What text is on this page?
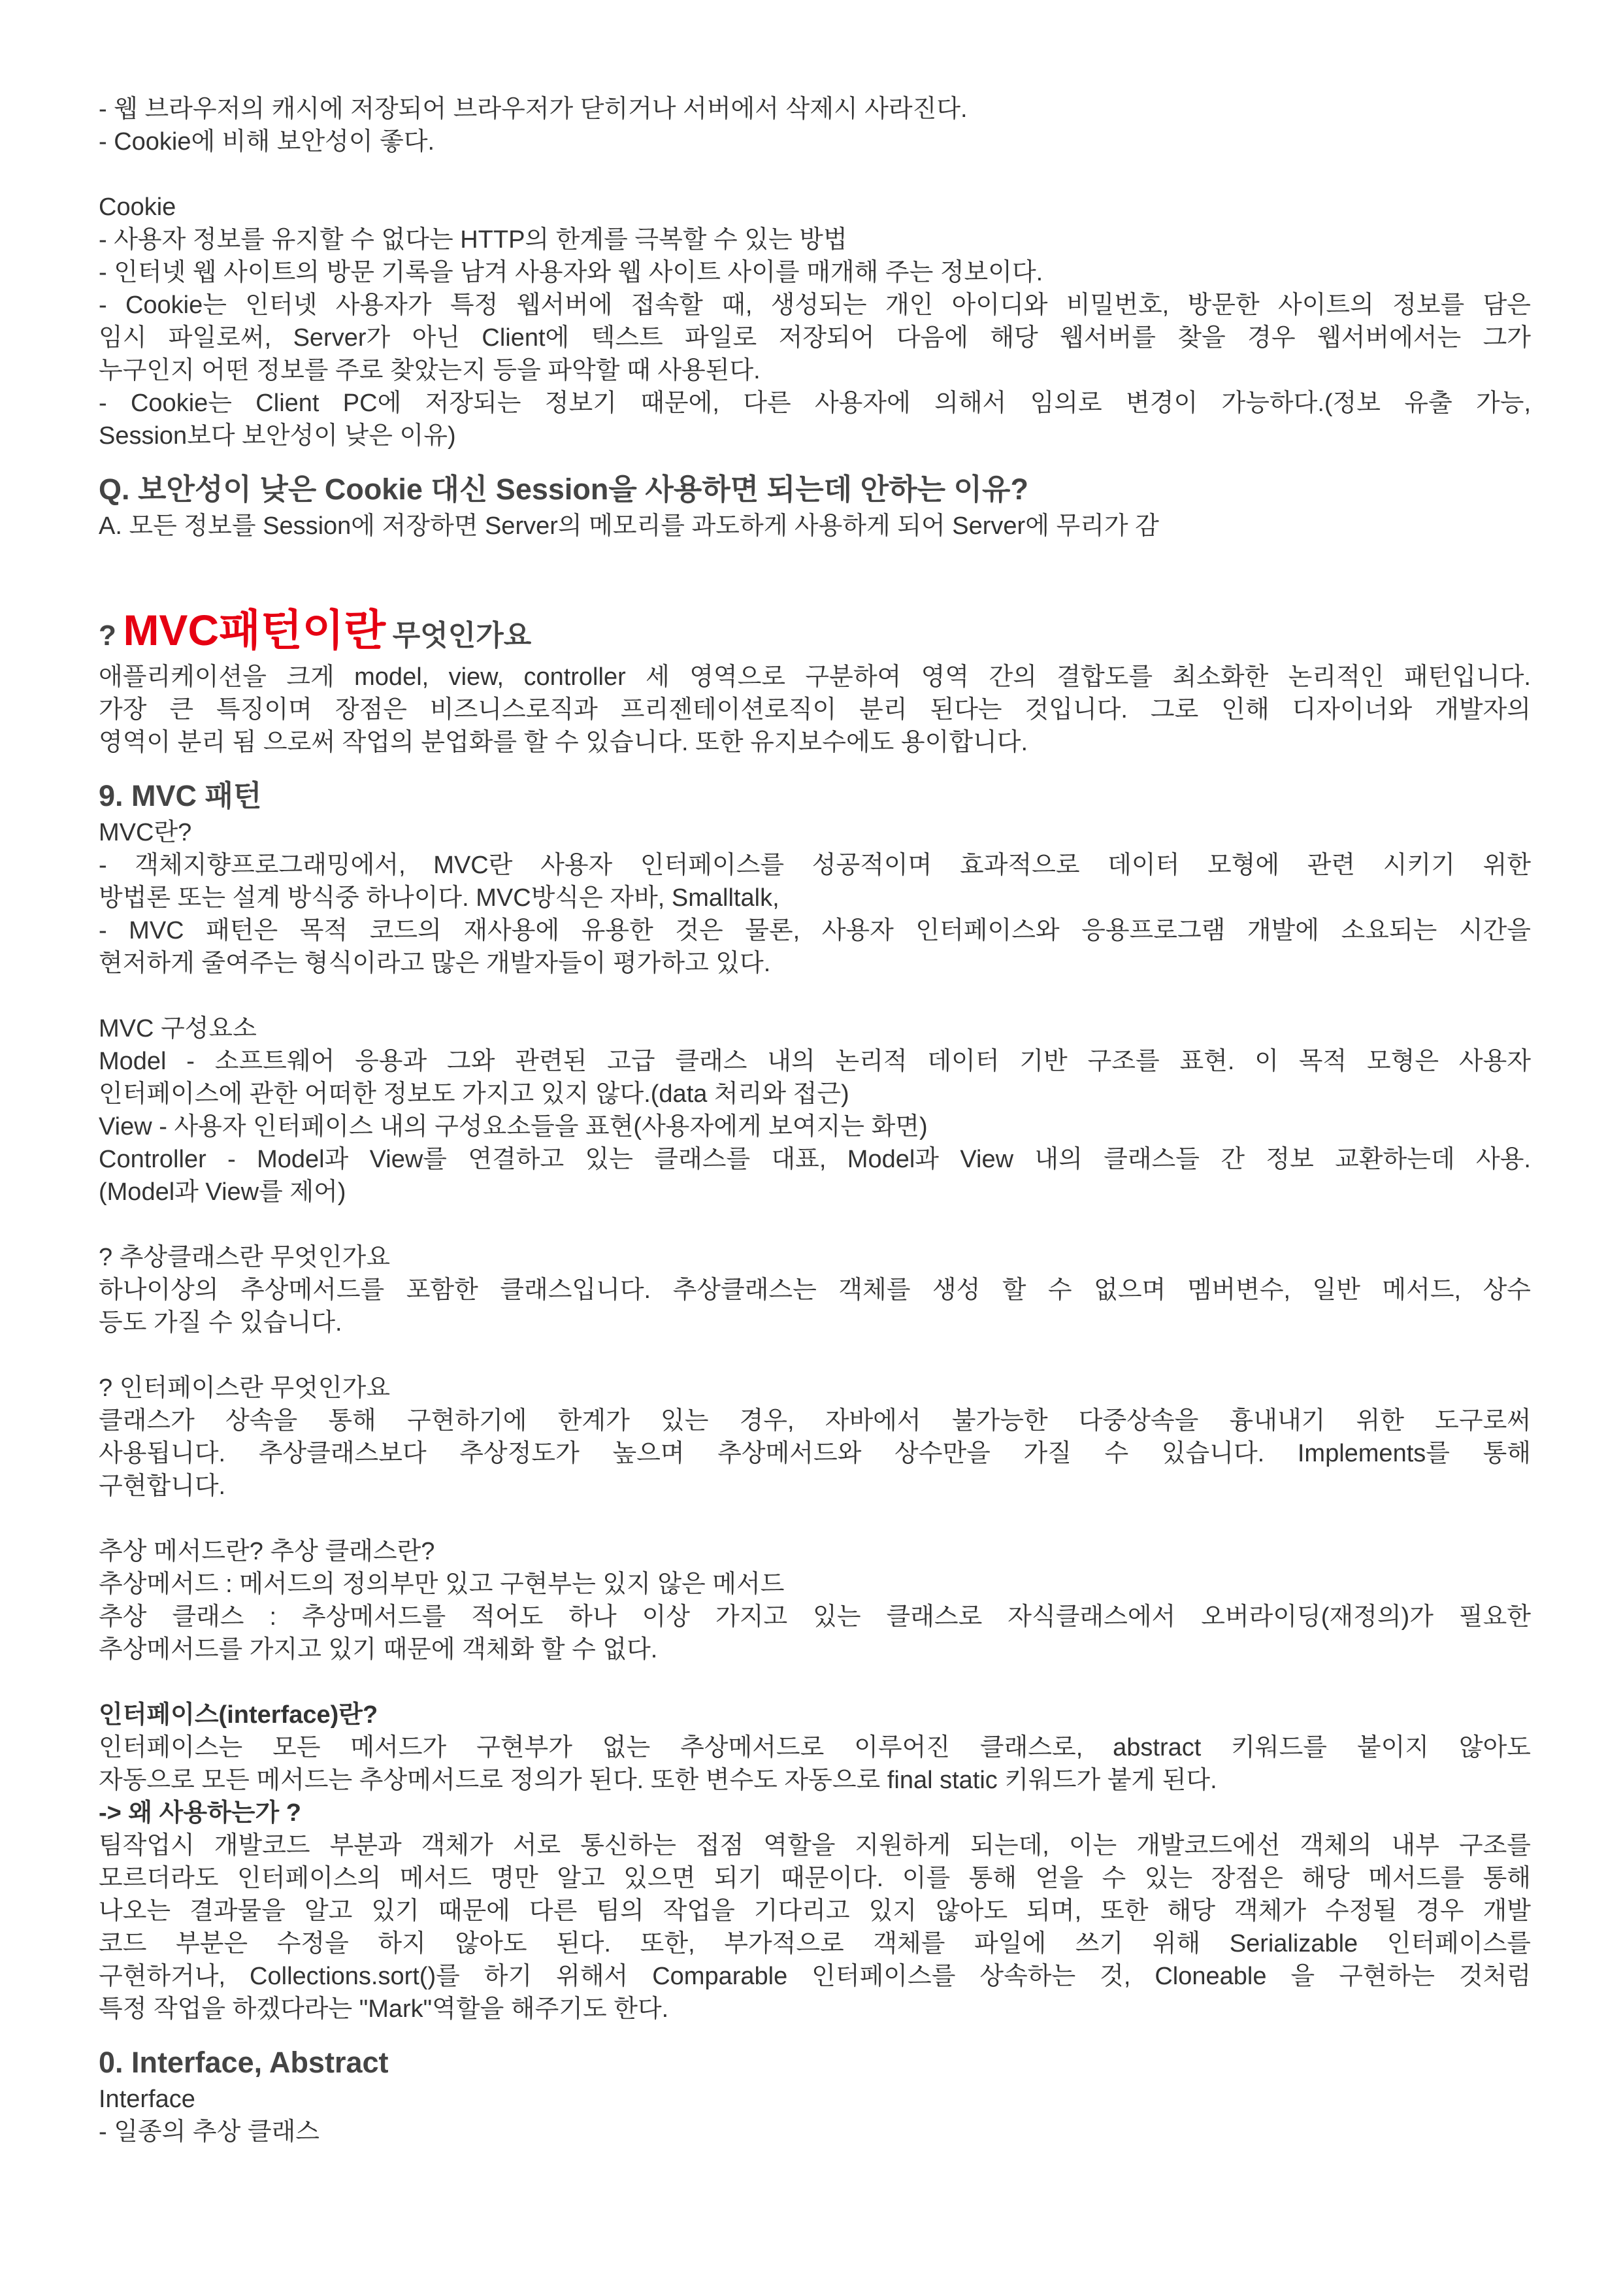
- 웹 브라우저의 캐시에 저장되어 브라우저가 닫히거나 서버에서 삭제시 사라진다.
- Cookie에 비해 보안성이 좋다.
Cookie
- 사용자 정보를 유지할 수 없다는 HTTP의 한계를 극복할 수 있는 방법
- 인터넷 웹 사이트의 방문 기록을 남겨 사용자와 웹 사이트 사이를 매개해 주는 정보이다.
- Cookie는 인터넷 사용자가 특정 웹서버에 접속할 때, 생성되는 개인 아이디와 비밀번호, 방문한 사이트의 정보를 담은
임시 파일로써, Server가 아닌 Client에 텍스트 파일로 저장되어 다음에 해당 웹서버를 찾을 경우 웹서버에서는 그가
누구인지 어떤 정보를 주로 찾았는지 등을 파악할 때 사용된다.
- Cookie는 Client PC에 저장되는 정보기 때문에, 다른 사용자에 의해서 임의로 변경이 가능하다.(정보 유출 가능,
Session보다 보안성이 낮은 이유)
Q. 보안성이 낮은 Cookie 대신 Session을 사용하면 되는데 안하는 이유?
A. 모든 정보를 Session에 저장하면 Server의 메모리를 과도하게 사용하게 되어 Server에 무리가 감
? MVC패턴이란 무엇인가요
애플리케이션을 크게 model, view, controller 세 영역으로 구분하여 영역 간의 결합도를 최소화한 논리적인 패턴입니다.
가장 큰 특징이며 장점은 비즈니스로직과 프리젠테이션로직이 분리 된다는 것입니다. 그로 인해 디자이너와 개발자의
영역이 분리 됨 으로써 작업의 분업화를 할 수 있습니다. 또한 유지보수에도 용이합니다.
9. MVC 패턴
MVC란?
- 객체지향프로그래밍에서, MVC란 사용자 인터페이스를 성공적이며 효과적으로 데이터 모형에 관련 시키기 위한
방법론 또는 설계 방식중 하나이다. MVC방식은 자바, Smalltalk,
- MVC 패턴은 목적 코드의 재사용에 유용한 것은 물론, 사용자 인터페이스와 응용프로그램 개발에 소요되는 시간을
현저하게 줄여주는 형식이라고 많은 개발자들이 평가하고 있다.
MVC 구성요소
Model - 소프트웨어 응용과 그와 관련된 고급 클래스 내의 논리적 데이터 기반 구조를 표현. 이 목적 모형은 사용자
인터페이스에 관한 어떠한 정보도 가지고 있지 않다.(data 처리와 접근)
View - 사용자 인터페이스 내의 구성요소들을 표현(사용자에게 보여지는 화면)
Controller - Model과 View를 연결하고 있는 클래스를 대표, Model과 View 내의 클래스들 간 정보 교환하는데 사용.
(Model과 View를 제어)
? 추상클래스란 무엇인가요
하나이상의 추상메서드를 포함한 클래스입니다. 추상클래스는 객체를 생성 할 수 없으며 멤버변수, 일반 메서드, 상수
등도 가질 수 있습니다.
? 인터페이스란 무엇인가요
클래스가 상속을 통해 구현하기에 한계가 있는 경우, 자바에서 불가능한 다중상속을 흉내내기 위한 도구로써
사용됩니다. 추상클래스보다 추상정도가 높으며 추상메서드와 상수만을 가질 수 있습니다. Implements를 통해
구현합니다.
추상 메서드란? 추상 클래스란?
추상메서드 : 메서드의 정의부만 있고 구현부는 있지 않은 메서드
추상 클래스 : 추상메서드를 적어도 하나 이상 가지고 있는 클래스로 자식클래스에서 오버라이딩(재정의)가 필요한
추상메서드를 가지고 있기 때문에 객체화 할 수 없다.
인터페이스(interface)란?
인터페이스는 모든 메서드가 구현부가 없는 추상메서드로 이루어진 클래스로, abstract 키워드를 붙이지 않아도
자동으로 모든 메서드는 추상메서드로 정의가 된다. 또한 변수도 자동으로 final static 키워드가 붙게 된다.
-> 왜 사용하는가 ?
팀작업시 개발코드 부분과 객체가 서로 통신하는 접점 역할을 지원하게 되는데, 이는 개발코드에선 객체의 내부 구조를
모르더라도 인터페이스의 메서드 명만 알고 있으면 되기 때문이다. 이를 통해 얻을 수 있는 장점은 해당 메서드를 통해
나오는 결과물을 알고 있기 때문에 다른 팀의 작업을 기다리고 있지 않아도 되며, 또한 해당 객체가 수정될 경우 개발
코드 부분은 수정을 하지 않아도 된다. 또한, 부가적으로 객체를 파일에 쓰기 위해 Serializable 인터페이스를
구현하거나, Collections.sort()를 하기 위해서 Comparable 인터페이스를 상속하는 것, Cloneable 을 구현하는 것처럼
특정 작업을 하겠다라는 "Mark"역할을 해주기도 한다.
0. Interface, Abstract
Interface
- 일종의 추상 클래스
